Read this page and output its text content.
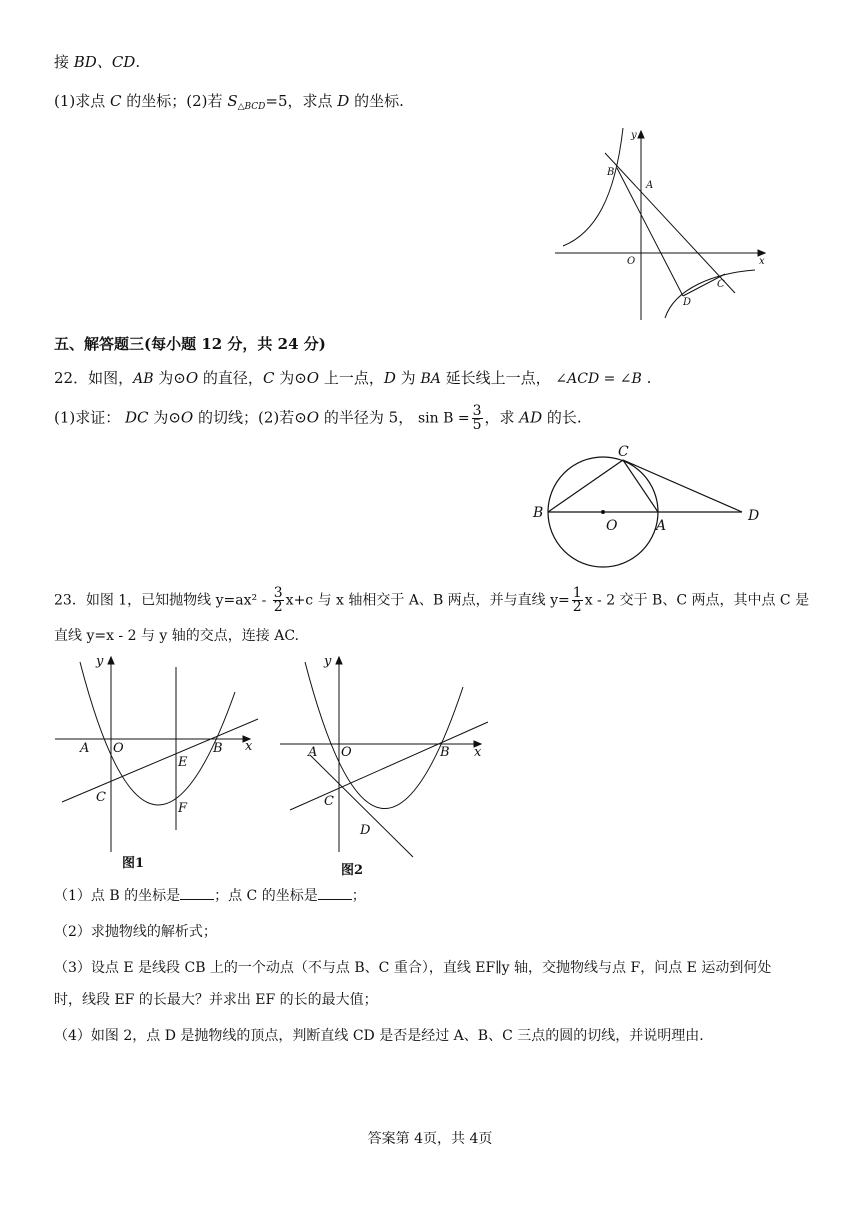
接 BD、CD.
(1)求点 C 的坐标；(2)若 $S_{\triangle BCD}=5$，求点 D 的坐标.
y
x
O
A
B
C
D
五、解答题三(每小题 12 分，共 24 分)
22．如图，AB 为⊙O 的直径，C 为⊙O 上一点，D 为 BA 延长线上一点， ∠ACD = ∠B .
(1)求证： DC 为⊙O 的切线；(2)若⊙O 的半径为 5， $\sin B = \frac{3}{5}$ ，求 AD 的长.
B
O	A
C
D
23．如图 1，已知抛物线 $y=ax^2 - \frac{3}{2} x+c$ 与 x 轴相交于 A、B 两点，并与直线 $y= \frac{1}{2}$ x - 2 交于 B、C 两点，其中点 C 是
直线 y=x - 2 与 y 轴的交点，连接 AC.
y
x
A O	B
C
E
F
图1
y
x
A O	B
C
D
图2
（1）点 B 的坐标是 ；点 C 的坐标是 ；
（2）求抛物线的解析式；
（3）设点 E 是线段 CB 上的一个动点（不与点 B、C 重合），直线 EF∥y 轴，交抛物线与点 F，问点 E 运动到何处
时，线段 EF 的长最大？并求出 EF 的长的最大值；
（4）如图 2，点 D 是抛物线的顶点，判断直线 CD 是否是经过 A、B、C 三点的圆的切线，并说明理由.
答案第 4页，共 4页
